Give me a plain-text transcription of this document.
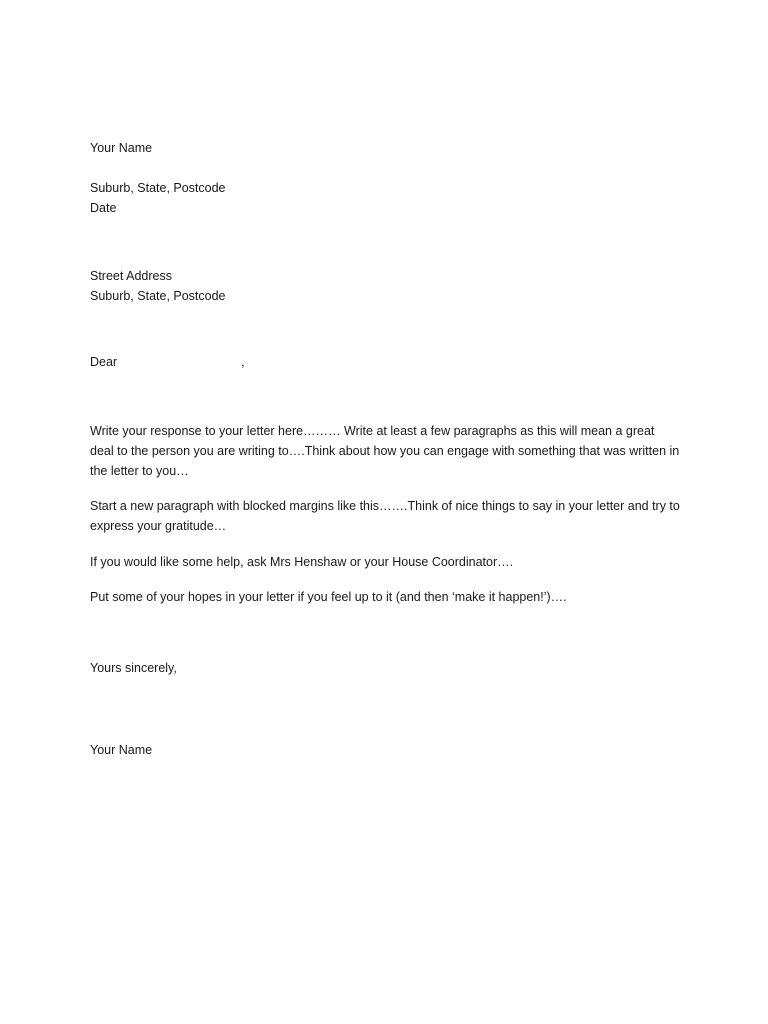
Your Name
Suburb, State, Postcode
Date
Street Address
Suburb, State, Postcode
Dear	,
Write your response to your letter here……… Write at least a few paragraphs as this will mean a great deal to the person you are writing to….Think about how you can engage with something that was written in the letter to you…
Start a new paragraph with blocked margins like this…….Think of nice things to say in your letter and try to express your gratitude…
If you would like some help, ask Mrs Henshaw or your House Coordinator….
Put some of your hopes in your letter if you feel up to it (and then ‘make it happen!’)….
Yours sincerely,
Your Name
